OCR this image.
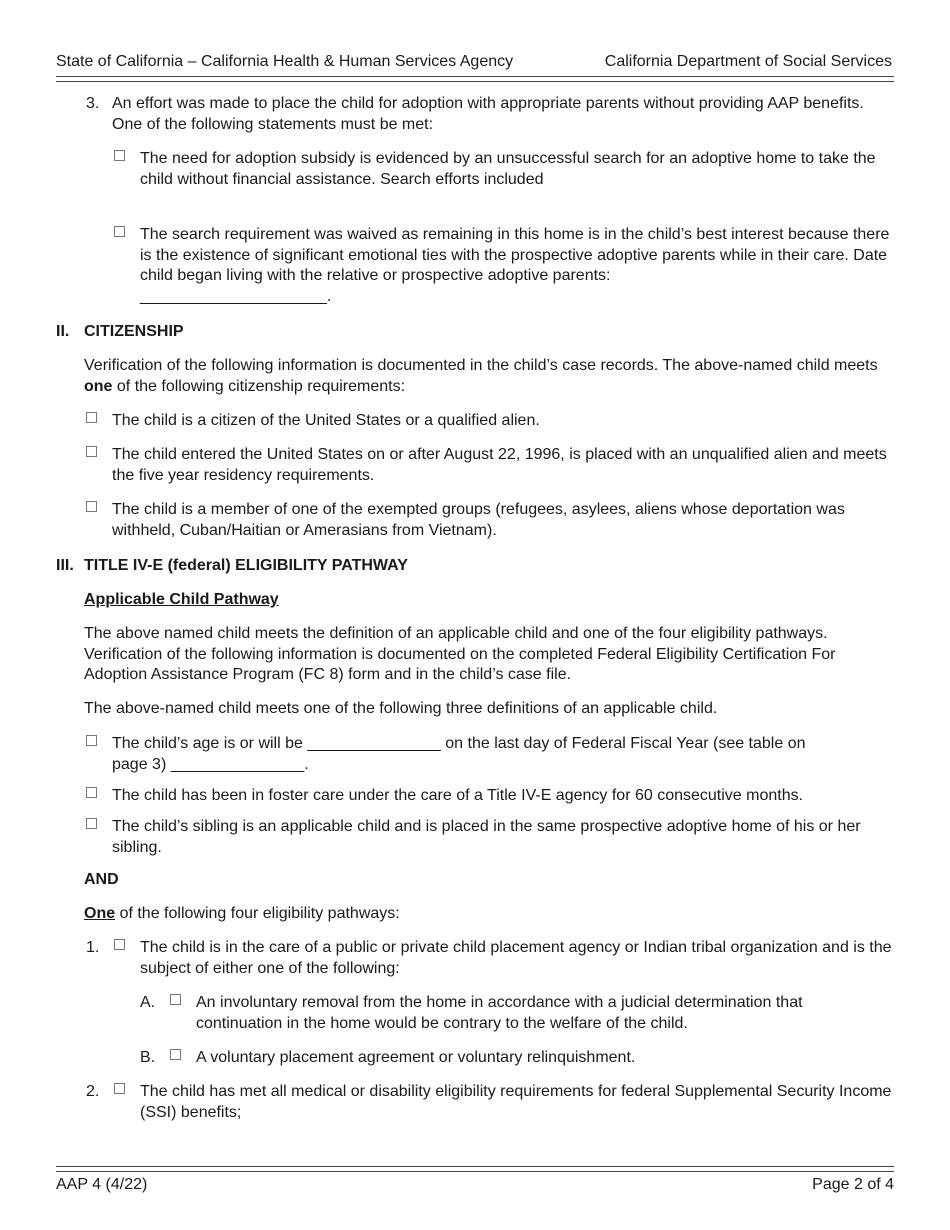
State of California – California Health & Human Services Agency	California Department of Social Services
3. An effort was made to place the child for adoption with appropriate parents without providing AAP benefits. One of the following statements must be met:
The need for adoption subsidy is evidenced by an unsuccessful search for an adoptive home to take the child without financial assistance. Search efforts included
The search requirement was waived as remaining in this home is in the child’s best interest because there is the existence of significant emotional ties with the prospective adoptive parents while in their care. Date child began living with the relative or prospective adoptive parents:
_____________________.
II. CITIZENSHIP
Verification of the following information is documented in the child’s case records. The above-named child meets one of the following citizenship requirements:
The child is a citizen of the United States or a qualified alien.
The child entered the United States on or after August 22, 1996, is placed with an unqualified alien and meets the five year residency requirements.
The child is a member of one of the exempted groups (refugees, asylees, aliens whose deportation was withheld, Cuban/Haitian or Amerasians from Vietnam).
III. TITLE IV-E (federal) ELIGIBILITY PATHWAY
Applicable Child Pathway
The above named child meets the definition of an applicable child and one of the four eligibility pathways. Verification of the following information is documented on the completed Federal Eligibility Certification For Adoption Assistance Program (FC 8) form and in the child’s case file.
The above-named child meets one of the following three definitions of an applicable child.
The child’s age is or will be _______________ on the last day of Federal Fiscal Year (see table on
page 3) _______________.
The child has been in foster care under the care of a Title IV-E agency for 60 consecutive months.
The child’s sibling is an applicable child and is placed in the same prospective adoptive home of his or her sibling.
AND
One of the following four eligibility pathways:
1.	The child is in the care of a public or private child placement agency or Indian tribal organization and is the subject of either one of the following:
A.	An involuntary removal from the home in accordance with a judicial determination that continuation in the home would be contrary to the welfare of the child.
B.	A voluntary placement agreement or voluntary relinquishment.
2.	The child has met all medical or disability eligibility requirements for federal Supplemental Security Income (SSI) benefits;
AAP 4 (4/22)	Page 2 of 4
